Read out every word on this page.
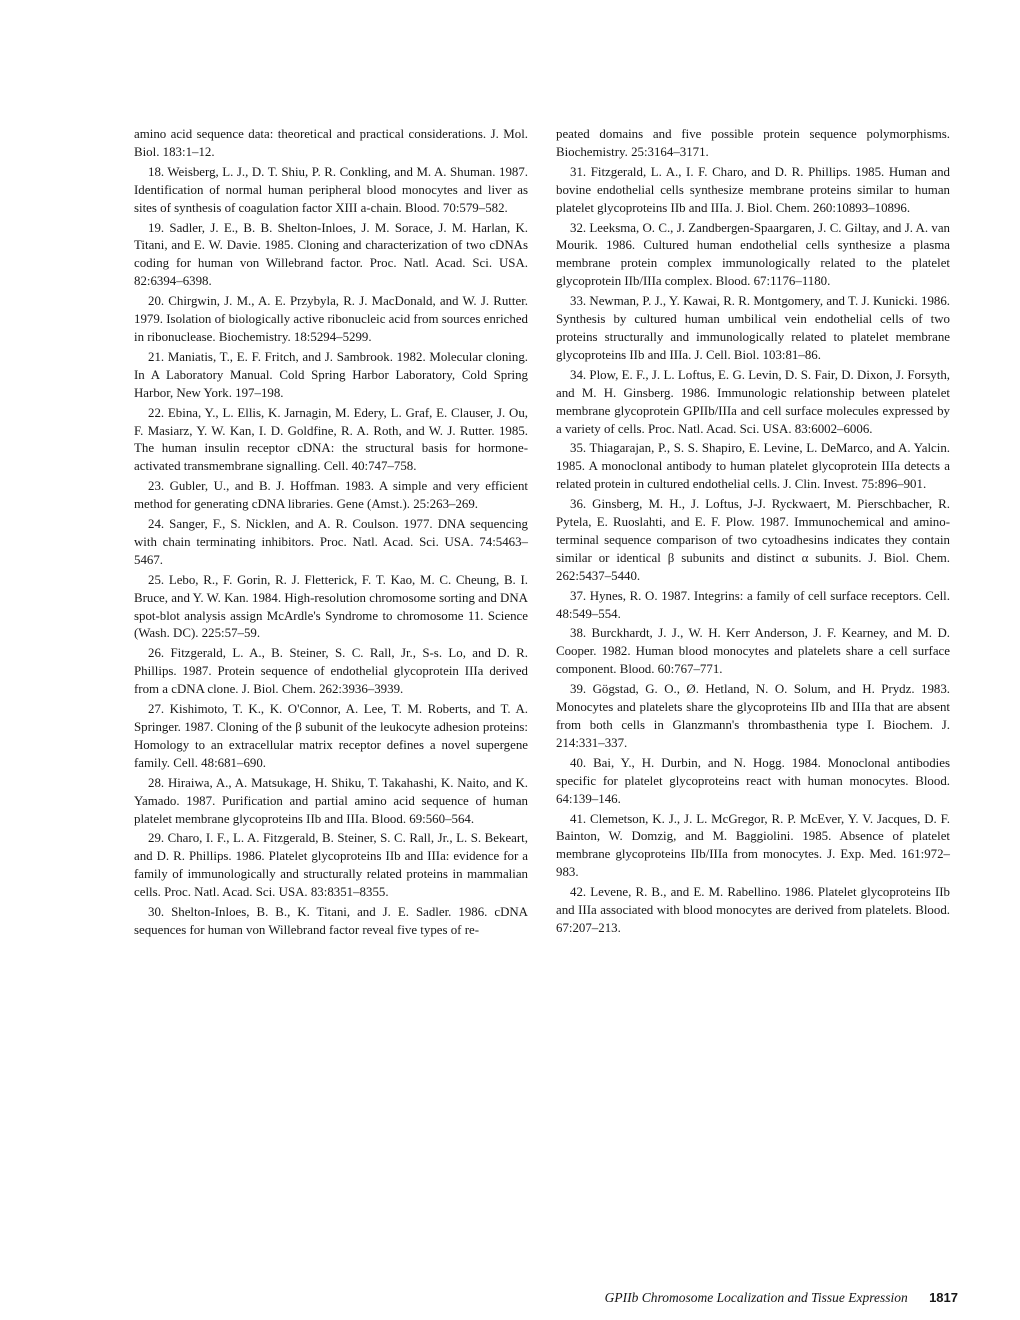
amino acid sequence data: theoretical and practical considerations. J. Mol. Biol. 183:1–12.

18. Weisberg, L. J., D. T. Shiu, P. R. Conkling, and M. A. Shuman. 1987. Identification of normal human peripheral blood monocytes and liver as sites of synthesis of coagulation factor XIII a-chain. Blood. 70:579–582.

19. Sadler, J. E., B. B. Shelton-Inloes, J. M. Sorace, J. M. Harlan, K. Titani, and E. W. Davie. 1985. Cloning and characterization of two cDNAs coding for human von Willebrand factor. Proc. Natl. Acad. Sci. USA. 82:6394–6398.

20. Chirgwin, J. M., A. E. Przybyla, R. J. MacDonald, and W. J. Rutter. 1979. Isolation of biologically active ribonucleic acid from sources enriched in ribonuclease. Biochemistry. 18:5294–5299.

21. Maniatis, T., E. F. Fritch, and J. Sambrook. 1982. Molecular cloning. In A Laboratory Manual. Cold Spring Harbor Laboratory, Cold Spring Harbor, New York. 197–198.

22. Ebina, Y., L. Ellis, K. Jarnagin, M. Edery, L. Graf, E. Clauser, J. Ou, F. Masiarz, Y. W. Kan, I. D. Goldfine, R. A. Roth, and W. J. Rutter. 1985. The human insulin receptor cDNA: the structural basis for hormone-activated transmembrane signalling. Cell. 40:747–758.

23. Gubler, U., and B. J. Hoffman. 1983. A simple and very efficient method for generating cDNA libraries. Gene (Amst.). 25:263–269.

24. Sanger, F., S. Nicklen, and A. R. Coulson. 1977. DNA sequencing with chain terminating inhibitors. Proc. Natl. Acad. Sci. USA. 74:5463–5467.

25. Lebo, R., F. Gorin, R. J. Fletterick, F. T. Kao, M. C. Cheung, B. I. Bruce, and Y. W. Kan. 1984. High-resolution chromosome sorting and DNA spot-blot analysis assign McArdle's Syndrome to chromosome 11. Science (Wash. DC). 225:57–59.

26. Fitzgerald, L. A., B. Steiner, S. C. Rall, Jr., S-s. Lo, and D. R. Phillips. 1987. Protein sequence of endothelial glycoprotein IIIa derived from a cDNA clone. J. Biol. Chem. 262:3936–3939.

27. Kishimoto, T. K., K. O'Connor, A. Lee, T. M. Roberts, and T. A. Springer. 1987. Cloning of the β subunit of the leukocyte adhesion proteins: Homology to an extracellular matrix receptor defines a novel supergene family. Cell. 48:681–690.

28. Hiraiwa, A., A. Matsukage, H. Shiku, T. Takahashi, K. Naito, and K. Yamado. 1987. Purification and partial amino acid sequence of human platelet membrane glycoproteins IIb and IIIa. Blood. 69:560–564.

29. Charo, I. F., L. A. Fitzgerald, B. Steiner, S. C. Rall, Jr., L. S. Bekeart, and D. R. Phillips. 1986. Platelet glycoproteins IIb and IIIa: evidence for a family of immunologically and structurally related proteins in mammalian cells. Proc. Natl. Acad. Sci. USA. 83:8351–8355.

30. Shelton-Inloes, B. B., K. Titani, and J. E. Sadler. 1986. cDNA sequences for human von Willebrand factor reveal five types of re-

peated domains and five possible protein sequence polymorphisms. Biochemistry. 25:3164–3171.

31. Fitzgerald, L. A., I. F. Charo, and D. R. Phillips. 1985. Human and bovine endothelial cells synthesize membrane proteins similar to human platelet glycoproteins IIb and IIIa. J. Biol. Chem. 260:10893–10896.

32. Leeksma, O. C., J. Zandbergen-Spaargaren, J. C. Giltay, and J. A. van Mourik. 1986. Cultured human endothelial cells synthesize a plasma membrane protein complex immunologically related to the platelet glycoprotein IIb/IIIa complex. Blood. 67:1176–1180.

33. Newman, P. J., Y. Kawai, R. R. Montgomery, and T. J. Kunicki. 1986. Synthesis by cultured human umbilical vein endothelial cells of two proteins structurally and immunologically related to platelet membrane glycoproteins IIb and IIIa. J. Cell. Biol. 103:81–86.

34. Plow, E. F., J. L. Loftus, E. G. Levin, D. S. Fair, D. Dixon, J. Forsyth, and M. H. Ginsberg. 1986. Immunologic relationship between platelet membrane glycoprotein GPIIb/IIIa and cell surface molecules expressed by a variety of cells. Proc. Natl. Acad. Sci. USA. 83:6002–6006.

35. Thiagarajan, P., S. S. Shapiro, E. Levine, L. DeMarco, and A. Yalcin. 1985. A monoclonal antibody to human platelet glycoprotein IIIa detects a related protein in cultured endothelial cells. J. Clin. Invest. 75:896–901.

36. Ginsberg, M. H., J. Loftus, J-J. Ryckwaert, M. Pierschbacher, R. Pytela, E. Ruoslahti, and E. F. Plow. 1987. Immunochemical and amino-terminal sequence comparison of two cytoadhesins indicates they contain similar or identical β subunits and distinct α subunits. J. Biol. Chem. 262:5437–5440.

37. Hynes, R. O. 1987. Integrins: a family of cell surface receptors. Cell. 48:549–554.

38. Burckhardt, J. J., W. H. Kerr Anderson, J. F. Kearney, and M. D. Cooper. 1982. Human blood monocytes and platelets share a cell surface component. Blood. 60:767–771.

39. Gögstad, G. O., Ø. Hetland, N. O. Solum, and H. Prydz. 1983. Monocytes and platelets share the glycoproteins IIb and IIIa that are absent from both cells in Glanzmann's thrombasthenia type I. Biochem. J. 214:331–337.

40. Bai, Y., H. Durbin, and N. Hogg. 1984. Monoclonal antibodies specific for platelet glycoproteins react with human monocytes. Blood. 64:139–146.

41. Clemetson, K. J., J. L. McGregor, R. P. McEver, Y. V. Jacques, D. F. Bainton, W. Domzig, and M. Baggiolini. 1985. Absence of platelet membrane glycoproteins IIb/IIIa from monocytes. J. Exp. Med. 161:972–983.

42. Levene, R. B., and E. M. Rabellino. 1986. Platelet glycoproteins IIb and IIIa associated with blood monocytes are derived from platelets. Blood. 67:207–213.

GPIIb Chromosome Localization and Tissue Expression 1817
